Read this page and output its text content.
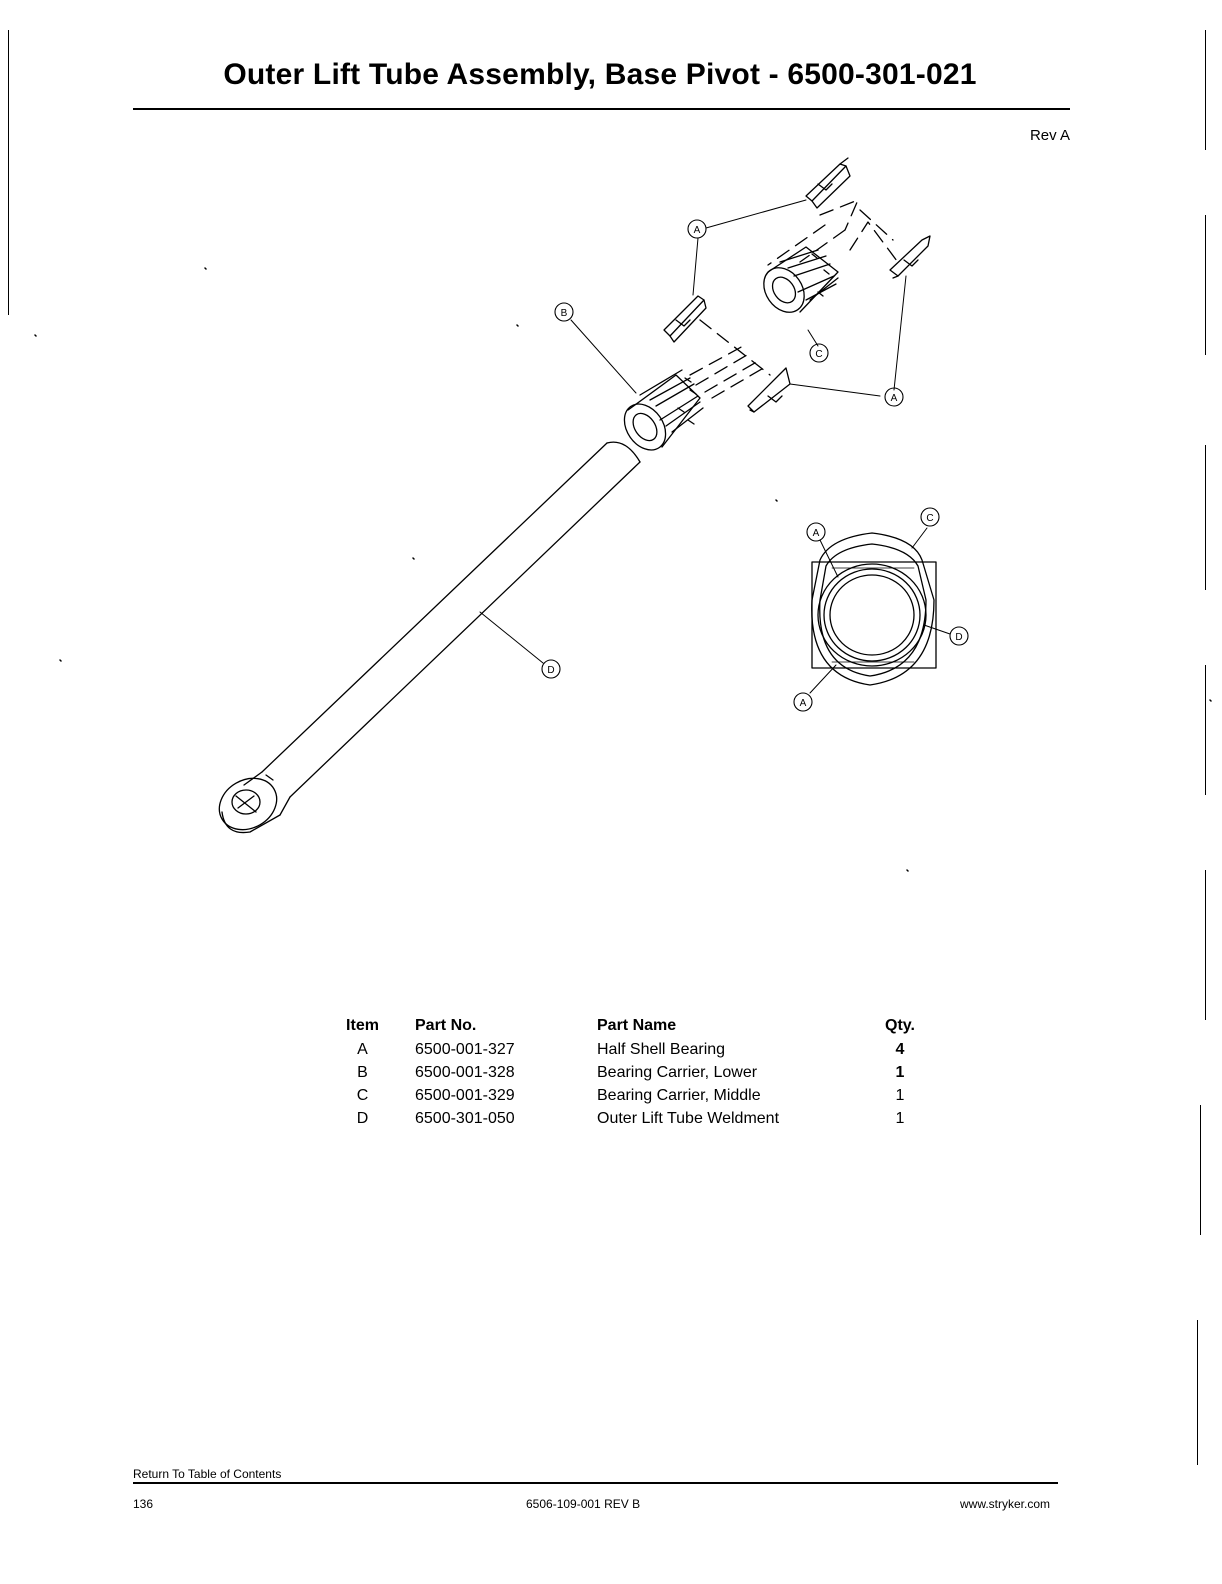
Outer Lift Tube Assembly, Base Pivot - 6500-301-021
Rev A
A
B
C
A
D
A
C
D
A
Item	Part No.	Part Name	Qty.
A	6500-001-327	Half Shell Bearing	4
B	6500-001-328	Bearing Carrier, Lower	1
C	6500-001-329	Bearing Carrier, Middle	1
D	6500-301-050	Outer Lift Tube Weldment	1
Return To Table of Contents
136	6506-109-001 REV B	www.stryker.com
